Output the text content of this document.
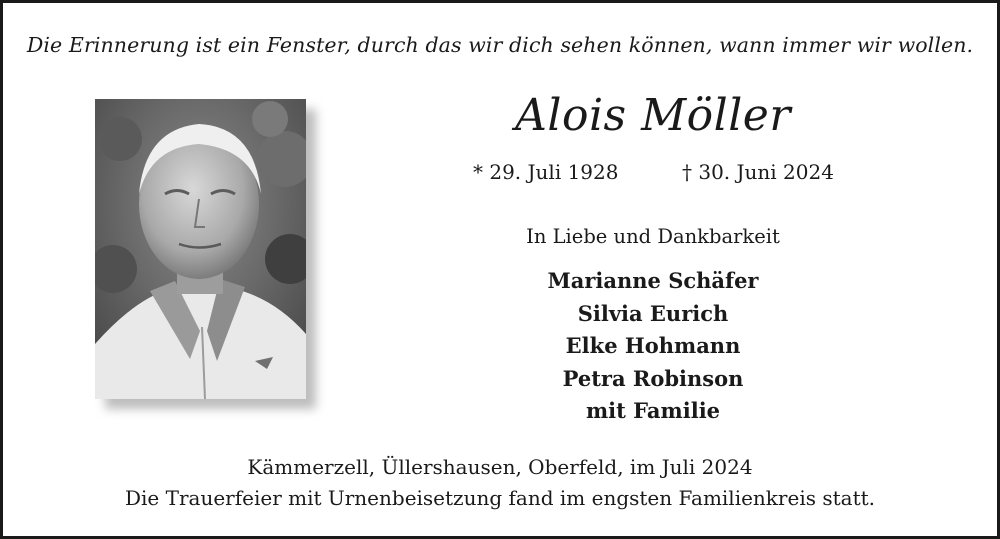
Die Erinnerung ist ein Fenster, durch das wir dich sehen können, wann immer wir wollen.
Alois Möller
* 29. Juli 1928	† 30. Juni 2024
In Liebe und Dankbarkeit
Marianne Schäfer
Silvia Eurich
Elke Hohmann
Petra Robinson
mit Familie
Kämmerzell, Üllershausen, Oberfeld, im Juli 2024
Die Trauerfeier mit Urnenbeisetzung fand im engsten Familienkreis statt.
